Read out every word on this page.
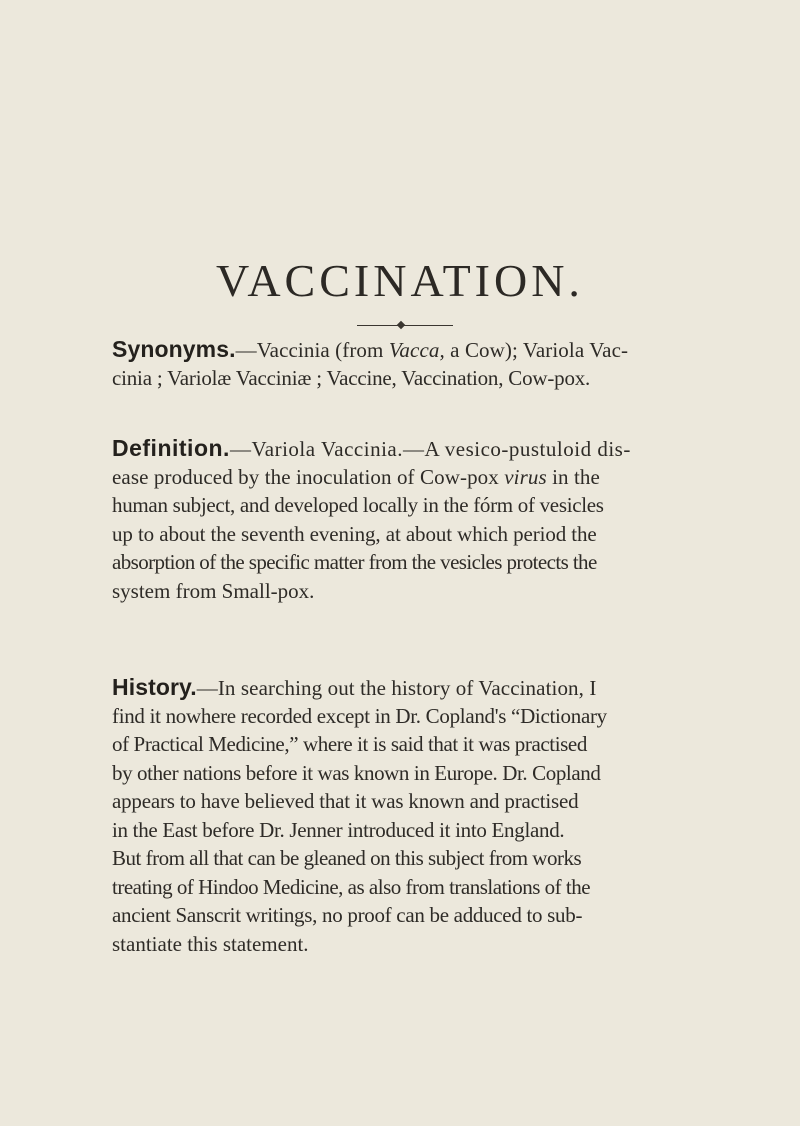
VACCINATION.

Synonyms.—Vaccinia (from Vacca, a Cow); Variola Vac-
cinia ; Variolæ Vacciniæ ; Vaccine, Vaccination, Cow-pox.

Definition.—Variola Vaccinia.—A vesico-pustuloid dis-
ease produced by the inoculation of Cow-pox virus in the
human subject, and developed locally in the fórm of vesicles
up to about the seventh evening, at about which period the
absorption of the specific matter from the vesicles protects the
system from Small-pox.

History.—In searching out the history of Vaccination, I
find it nowhere recorded except in Dr. Copland's “Dictionary
of Practical Medicine,” where it is said that it was practised
by other nations before it was known in Europe. Dr. Copland
appears to have believed that it was known and practised
in the East before Dr. Jenner introduced it into England.
But from all that can be gleaned on this subject from works
treating of Hindoo Medicine, as also from translations of the
ancient Sanscrit writings, no proof can be adduced to sub-
stantiate this statement.
